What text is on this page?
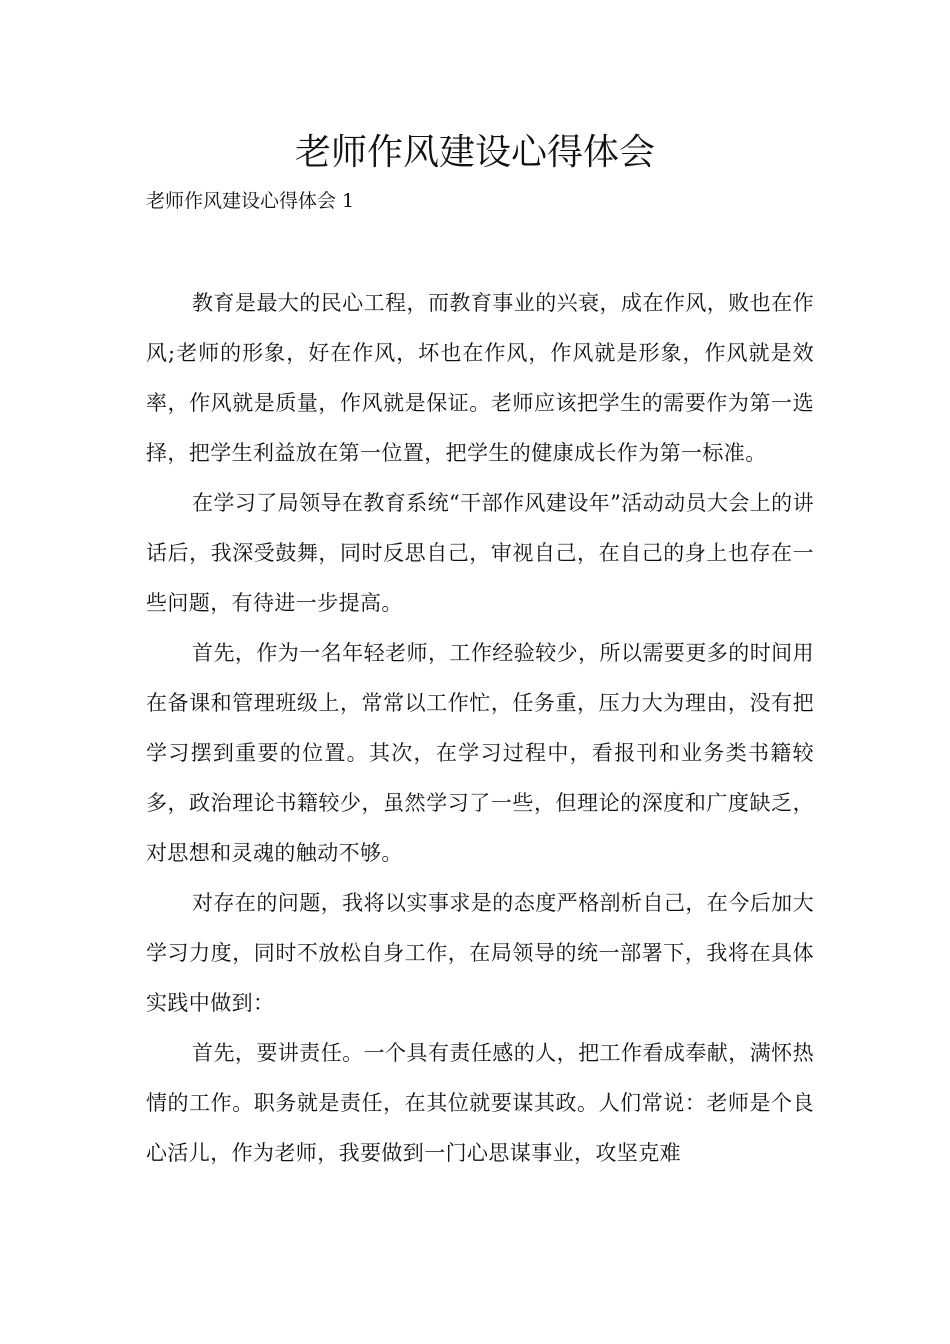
老师作风建设心得体会

老师作风建设心得体会 1

教育是最大的民心工程，而教育事业的兴衰，成在作风，败也在作风;老师的形象，好在作风，坏也在作风，作风就是形象，作风就是效率，作风就是质量，作风就是保证。老师应该把学生的需要作为第一选择，把学生利益放在第一位置，把学生的健康成长作为第一标准。

在学习了局领导在教育系统“干部作风建设年”活动动员大会上的讲话后，我深受鼓舞，同时反思自己，审视自己，在自己的身上也存在一些问题，有待进一步提高。

首先，作为一名年轻老师，工作经验较少，所以需要更多的时间用在备课和管理班级上，常常以工作忙，任务重，压力大为理由，没有把学习摆到重要的位置。其次，在学习过程中，看报刊和业务类书籍较多，政治理论书籍较少，虽然学习了一些，但理论的深度和广度缺乏，对思想和灵魂的触动不够。

对存在的问题，我将以实事求是的态度严格剖析自己，在今后加大学习力度，同时不放松自身工作，在局领导的统一部署下，我将在具体实践中做到：

首先，要讲责任。一个具有责任感的人，把工作看成奉献，满怀热情的工作。职务就是责任，在其位就要谋其政。人们常说：老师是个良心活儿，作为老师，我要做到一门心思谋事业，攻坚克难
